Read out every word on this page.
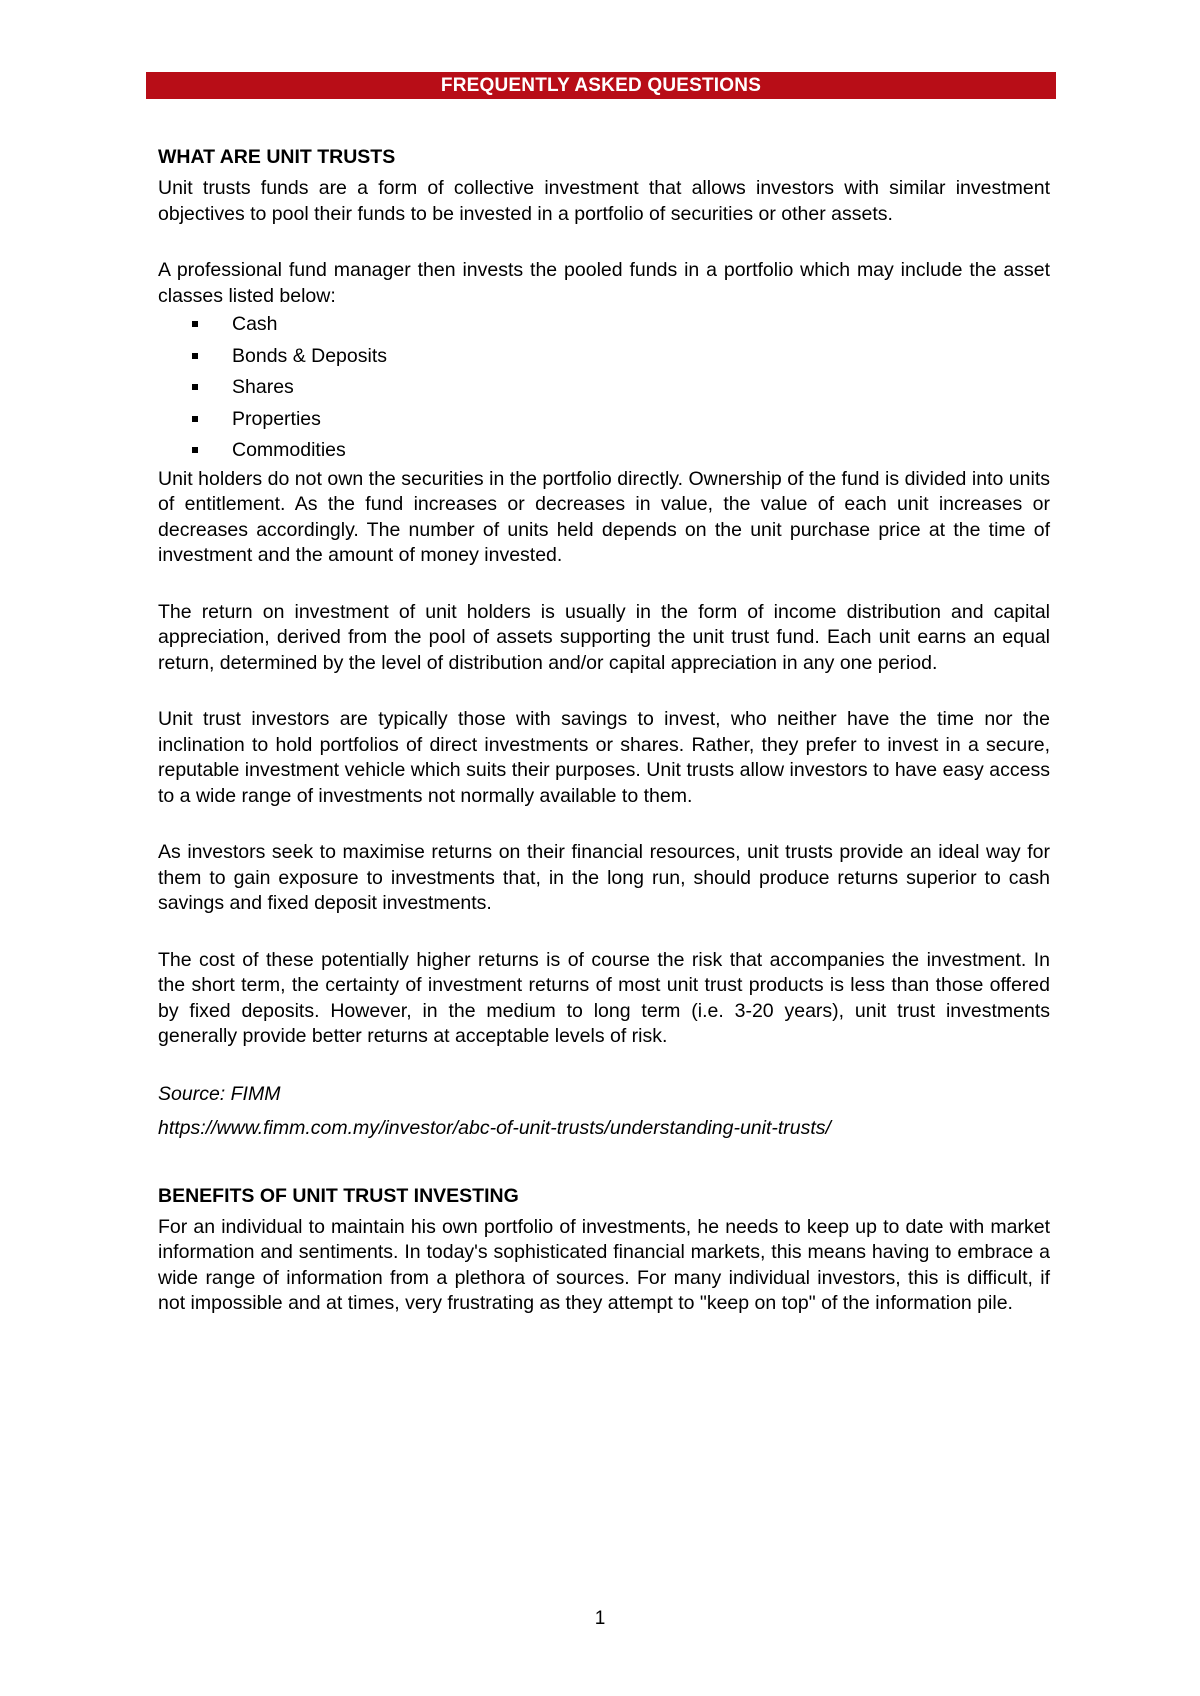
FREQUENTLY ASKED QUESTIONS
WHAT ARE UNIT TRUSTS

Unit trusts funds are a form of collective investment that allows investors with similar investment objectives to pool their funds to be invested in a portfolio of securities or other assets.

A professional fund manager then invests the pooled funds in a portfolio which may include the asset classes listed below:

Cash
Bonds & Deposits
Shares
Properties
Commodities

Unit holders do not own the securities in the portfolio directly. Ownership of the fund is divided into units of entitlement. As the fund increases or decreases in value, the value of each unit increases or decreases accordingly. The number of units held depends on the unit purchase price at the time of investment and the amount of money invested.

The return on investment of unit holders is usually in the form of income distribution and capital appreciation, derived from the pool of assets supporting the unit trust fund. Each unit earns an equal return, determined by the level of distribution and/or capital appreciation in any one period.

Unit trust investors are typically those with savings to invest, who neither have the time nor the inclination to hold portfolios of direct investments or shares. Rather, they prefer to invest in a secure, reputable investment vehicle which suits their purposes. Unit trusts allow investors to have easy access to a wide range of investments not normally available to them.

As investors seek to maximise returns on their financial resources, unit trusts provide an ideal way for them to gain exposure to investments that, in the long run, should produce returns superior to cash savings and fixed deposit investments.

The cost of these potentially higher returns is of course the risk that accompanies the investment. In the short term, the certainty of investment returns of most unit trust products is less than those offered by fixed deposits. However, in the medium to long term (i.e. 3-20 years), unit trust investments generally provide better returns at acceptable levels of risk.

Source: FIMM

https://www.fimm.com.my/investor/abc-of-unit-trusts/understanding-unit-trusts/

BENEFITS OF UNIT TRUST INVESTING

For an individual to maintain his own portfolio of investments, he needs to keep up to date with market information and sentiments. In today's sophisticated financial markets, this means having to embrace a wide range of information from a plethora of sources. For many individual investors, this is difficult, if not impossible and at times, very frustrating as they attempt to "keep on top" of the information pile.

1
